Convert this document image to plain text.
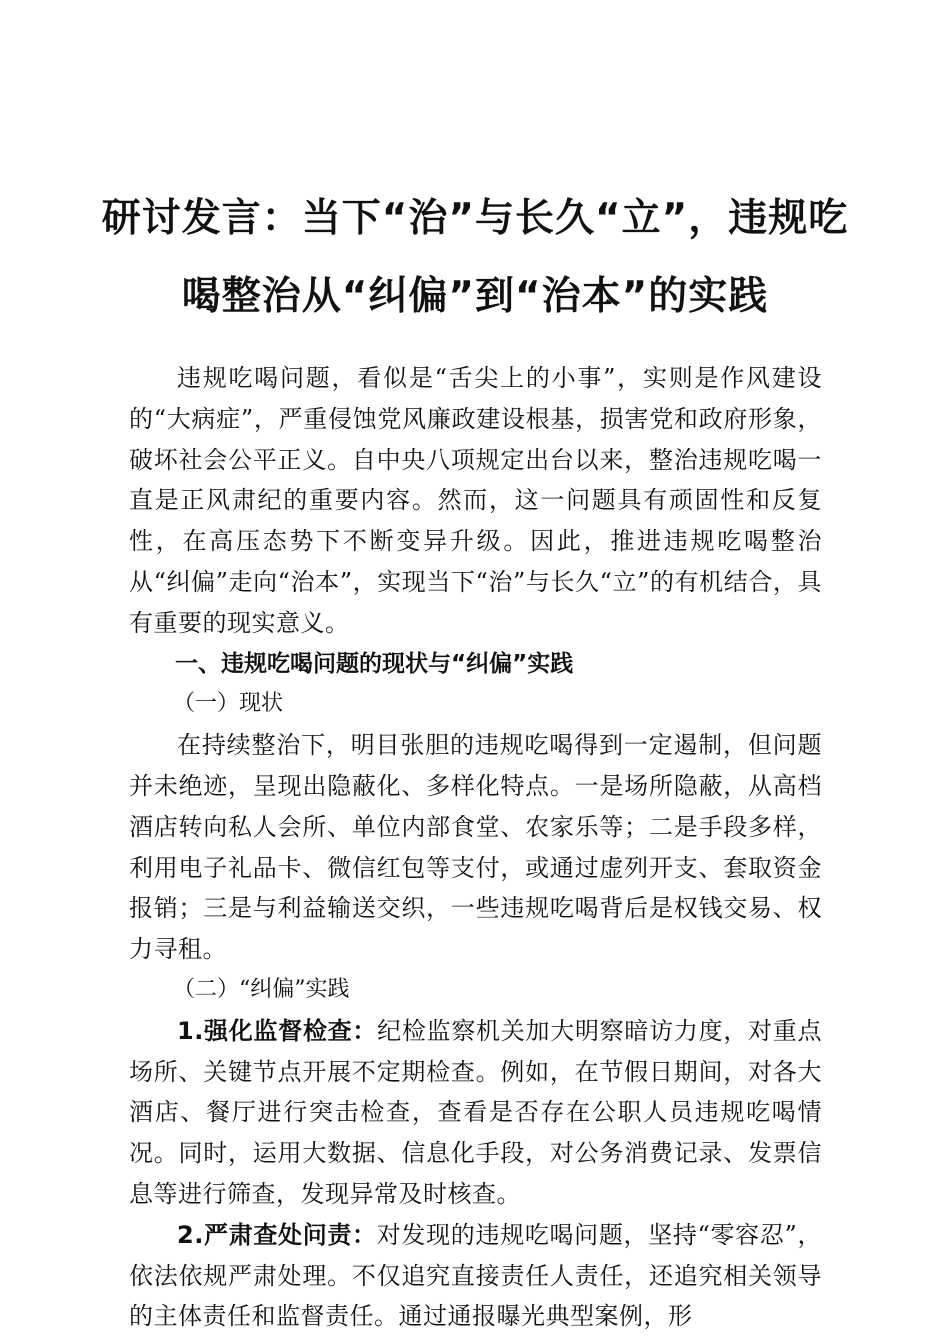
研讨发言：当下“治”与长久“立”，违规吃
喝整治从“纠偏”到“治本”的实践

违规吃喝问题，看似是“舌尖上的小事”，实则是作风建设的“大病症”，严重侵蚀党风廉政建设根基，损害党和政府形象，破坏社会公平正义。自中央八项规定出台以来，整治违规吃喝一直是正风肃纪的重要内容。然而，这一问题具有顽固性和反复性，在高压态势下不断变异升级。因此，推进违规吃喝整治从“纠偏”走向“治本”，实现当下“治”与长久“立”的有机结合，具有重要的现实意义。

一、违规吃喝问题的现状与“纠偏”实践

（一）现状

在持续整治下，明目张胆的违规吃喝得到一定遏制，但问题并未绝迹，呈现出隐蔽化、多样化特点。一是场所隐蔽，从高档酒店转向私人会所、单位内部食堂、农家乐等；二是手段多样，利用电子礼品卡、微信红包等支付，或通过虚列开支、套取资金报销；三是与利益输送交织，一些违规吃喝背后是权钱交易、权力寻租。

（二）“纠偏”实践

1.强化监督检查：纪检监察机关加大明察暗访力度，对重点场所、关键节点开展不定期检查。例如，在节假日期间，对各大酒店、餐厅进行突击检查，查看是否存在公职人员违规吃喝情况。同时，运用大数据、信息化手段，对公务消费记录、发票信息等进行筛查，发现异常及时核查。

2.严肃查处问责：对发现的违规吃喝问题，坚持“零容忍”，依法依规严肃处理。不仅追究直接责任人责任，还追究相关领导的主体责任和监督责任。通过通报曝光典型案例，形
